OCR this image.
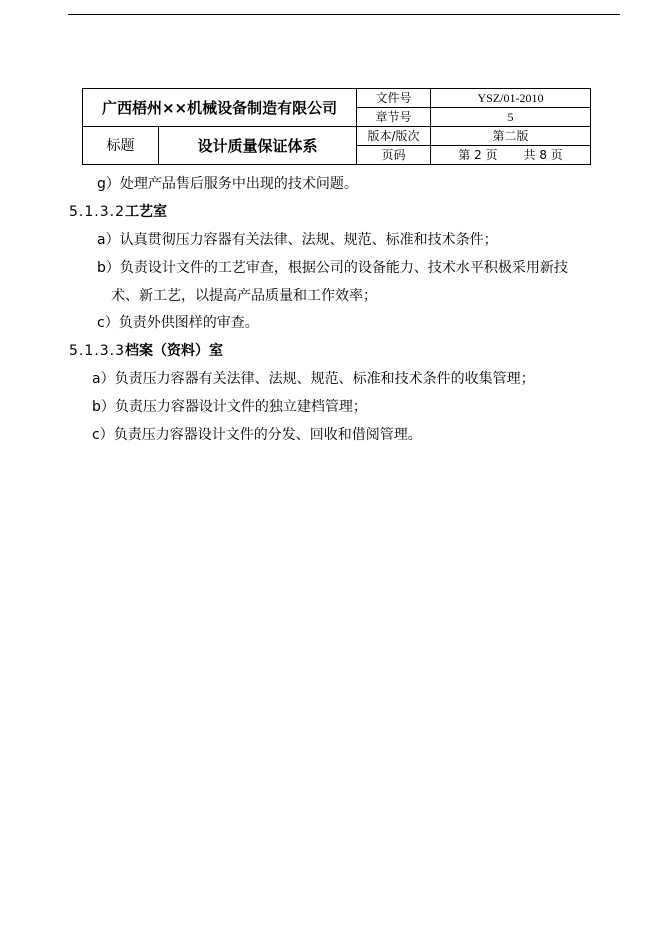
广西梧州××机械设备制造有限公司		文件号	YSZ/01-2010
		章节号	5
标题	设计质量保证体系	版本/版次	第二版
		页码	第 2 页 共 8 页
g）处理产品售后服务中出现的技术问题。
5.1.3.2工艺室
a）认真贯彻压力容器有关法律、法规、规范、标准和技术条件；
b）负责设计文件的工艺审查，根据公司的设备能力、技术水平积极采用新技
术、新工艺，以提高产品质量和工作效率；
c）负责外供图样的审查。
5.1.3.3档案（资料）室
a）负责压力容器有关法律、法规、规范、标准和技术条件的收集管理；
b）负责压力容器设计文件的独立建档管理；
c）负责压力容器设计文件的分发、回收和借阅管理。
